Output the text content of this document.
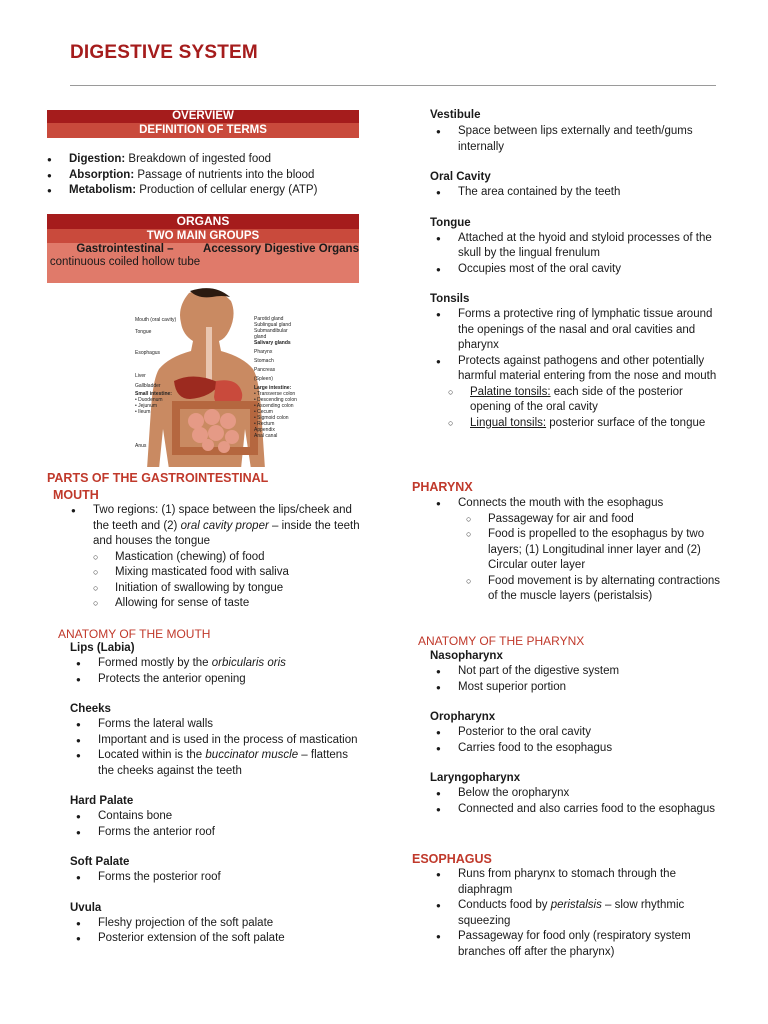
DIGESTIVE SYSTEM
OVERVIEW
DEFINITION OF TERMS
● Digestion: Breakdown of ingested food
● Absorption: Passage of nutrients into the blood
● Metabolism: Production of cellular energy (ATP)
ORGANS
TWO MAIN GROUPS
Gastrointestinal –
continuous coiled hollow tube
Accessory Digestive Organs
Mouth (oral cavity)
Tongue
Esophagus
Liver
Gallbladder
Small intestine:
• Duodenum
• Jejunum
• Ileum
Anus
Parotid gland
Sublingual gland
Submandibular gland
Salivary glands
Pharynx
Stomach
Pancreas
(Spleen)
Large intestine:
• Transverse colon
• Descending colon
• Ascending colon
• Cecum
• Sigmoid colon
• Rectum
Appendix
Anal canal
PARTS OF THE GASTROINTESTINAL
MOUTH
● Two regions: (1) space between the lips/cheek and the teeth and (2) oral cavity proper – inside the teeth and houses the tongue
○ Mastication (chewing) of food
○ Mixing masticated food with saliva
○ Initiation of swallowing by tongue
○ Allowing for sense of taste
ANATOMY OF THE MOUTH
Lips (Labia)
● Formed mostly by the orbicularis oris
● Protects the anterior opening
Cheeks
● Forms the lateral walls
● Important and is used in the process of mastication
● Located within is the buccinator muscle – flattens the cheeks against the teeth
Hard Palate
● Contains bone
● Forms the anterior roof
Soft Palate
● Forms the posterior roof
Uvula
● Fleshy projection of the soft palate
● Posterior extension of the soft palate
Vestibule
● Space between lips externally and teeth/gums internally
Oral Cavity
● The area contained by the teeth
Tongue
● Attached at the hyoid and styloid processes of the skull by the lingual frenulum
● Occupies most of the oral cavity
Tonsils
● Forms a protective ring of lymphatic tissue around the openings of the nasal and oral cavities and pharynx
● Protects against pathogens and other potentially harmful material entering from the nose and mouth
○ Palatine tonsils: each side of the posterior opening of the oral cavity
○ Lingual tonsils: posterior surface of the tongue
PHARYNX
● Connects the mouth with the esophagus
○ Passageway for air and food
○ Food is propelled to the esophagus by two layers; (1) Longitudinal inner layer and (2) Circular outer layer
○ Food movement is by alternating contractions of the muscle layers (peristalsis)
ANATOMY OF THE PHARYNX
Nasopharynx
● Not part of the digestive system
● Most superior portion
Oropharynx
● Posterior to the oral cavity
● Carries food to the esophagus
Laryngopharynx
● Below the oropharynx
● Connected and also carries food to the esophagus
ESOPHAGUS
● Runs from pharynx to stomach through the diaphragm
● Conducts food by peristalsis – slow rhythmic squeezing
● Passageway for food only (respiratory system branches off after the pharynx)
